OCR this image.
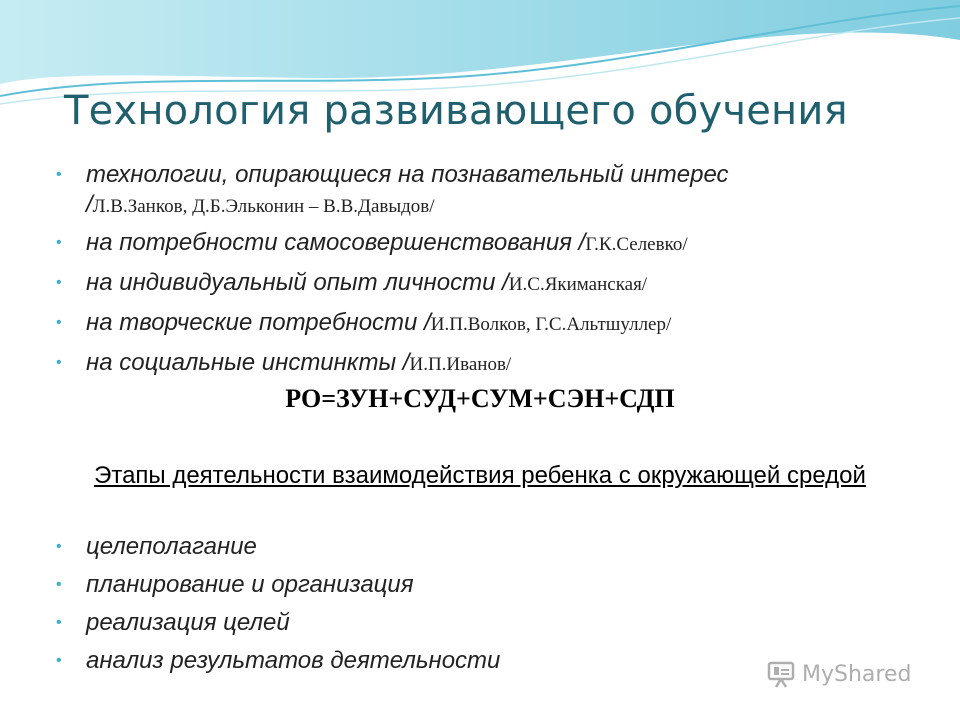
Технология развивающего обучения
• технологии, опирающиеся на познавательный интерес
/Л.В.Занков, Д.Б.Эльконин – В.В.Давыдов/
• на потребности самосовершенствования /Г.К.Селевко/
• на индивидуальный опыт личности /И.С.Якиманская/
• на творческие потребности /И.П.Волков, Г.С.Альтшуллер/
• на социальные инстинкты /И.П.Иванов/
РО=ЗУН+СУД+СУМ+СЭН+СДП
Этапы деятельности взаимодействия ребенка с окружающей средой
• целеполагание
• планирование и организация
• реализация целей
• анализ результатов деятельности	MyShared
